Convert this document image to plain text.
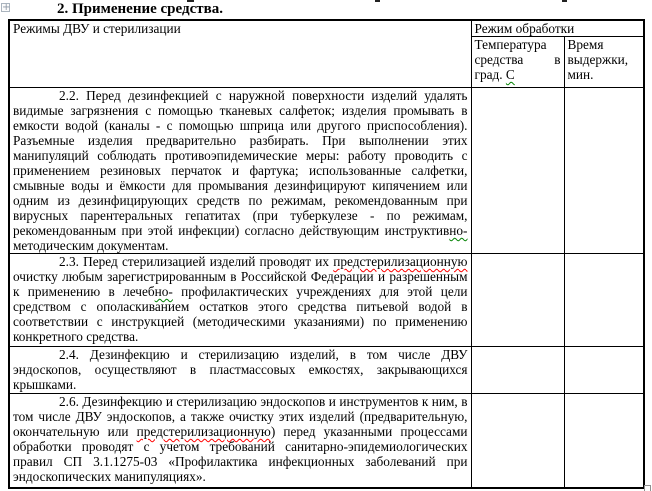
+	2. Применение средства.
Режимы ДВУ и стерилизации	Режим обработки	

	Температура средства в град. С	Время выдержки, мин.

2.2. Перед дезинфекцией с наружной поверхности изделий удалять видимые загрязнения с помощью тканевых салфеток; изделия промывать в емкости водой (каналы - с помощью шприца или другого приспособления). Разъемные изделия предварительно разбирать. При выполнении этих манипуляций соблюдать противоэпидемические меры: работу проводить с применением резиновых перчаток и фартука; использованные салфетки, смывные воды и ёмкости для промывания дезинфицируют кипячением или одним из дезинфицирующих средств по режимам, рекомендованным при вирусных парентеральных гепатитах (при туберкулезе - по режимам, рекомендованным при этой инфекции) согласно действующим инструктивно-методическим документам.		

2.3. Перед стерилизацией изделий проводят их предстерилизационную очистку любым зарегистрированным в Российской Федерации и разрешенным к применению в лечебно- профилактических учреждениях для этой цели средством с ополаскиванием остатков этого средства питьевой водой в соответствии с инструкцией (методическими указаниями) по применению конкретного средства.		

2.4. Дезинфекцию и стерилизацию изделий, в том числе ДВУ эндоскопов, осуществляют в пластмассовых емкостях, закрывающихся крышками.		

2.6. Дезинфекцию и стерилизацию эндоскопов и инструментов к ним, в том числе ДВУ эндоскопов, а также очистку этих изделий (предварительную, окончательную или предстерилизационную) перед указанными процессами обработки проводят с учетом требований санитарно-эпидемиологических правил СП 3.1.1275-03 «Профилактика инфекционных заболеваний при эндоскопических манипуляциях».		
